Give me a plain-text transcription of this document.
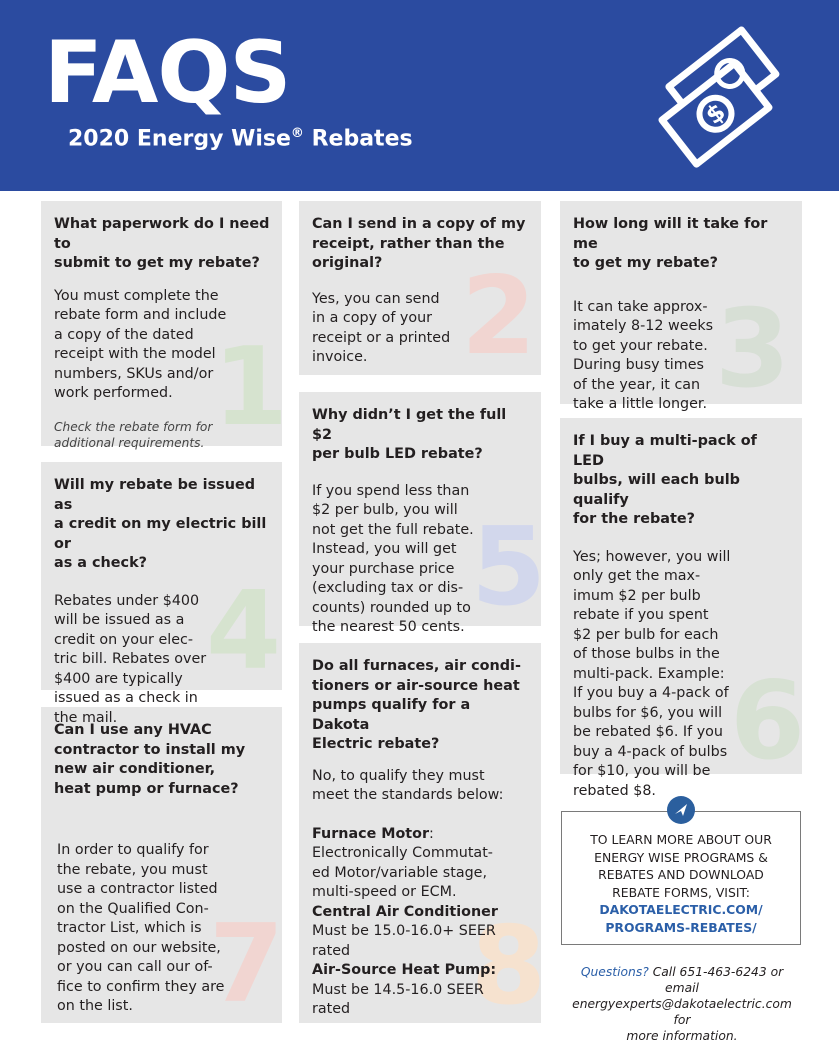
FAQS
2020 Energy Wise® Rebates
$
1
What paperwork do I need to
submit to get my rebate?
You must complete the
rebate form and include
a copy of the dated
receipt with the model
numbers, SKUs and/or
work performed.
Check the rebate form for
additional requirements.
2
Can I send in a copy of my
receipt, rather than the
original?
Yes, you can send
in a copy of your
receipt or a printed
invoice.	3
How long will it take for me
to get my rebate?
It can take approx-
imately 8-12 weeks
to get your rebate.
During busy times
of the year, it can
take a little longer.
4
Will my rebate be issued as
a credit on my electric bill or
as a check?
Rebates under $400
will be issued as a
credit on your elec-
tric bill. Rebates over
$400 are typically
issued as a check in
the mail.
5
Why didn’t I get the full $2
per bulb LED rebate?
If you spend less than
$2 per bulb, you will
not get the full rebate.
Instead, you will get
your purchase price
(excluding tax or dis-
counts) rounded up to
the nearest 50 cents.
6
If I buy a multi-pack of LED
bulbs, will each bulb qualify
for the rebate?
Yes; however, you will
only get the max-
imum $2 per bulb
rebate if you spent
$2 per bulb for each
of those bulbs in the
multi-pack. Example:
If you buy a 4-pack of
bulbs for $6, you will
be rebated $6. If you
buy a 4-pack of bulbs
for $10, you will be
rebated $8.
7
Can I use any HVAC
contractor to install my
new air conditioner,
heat pump or furnace?
In order to qualify for
the rebate, you must
use a contractor listed
on the Qualified Con-
tractor List, which is
posted on our website,
or you can call our of-
fice to confirm they are
on the list.	8
Do all furnaces, air condi-
tioners or air-source heat
pumps qualify for a Dakota
Electric rebate?
No, to qualify they must
meet the standards below:
Furnace Motor:
Electronically Commutat-
ed Motor/variable stage,
multi-speed or ECM.
Central Air Conditioner
Must be 15.0-16.0+ SEER
rated
Air-Source Heat Pump:
Must be 14.5-16.0 SEER
rated
TO LEARN MORE ABOUT OUR
ENERGY WISE PROGRAMS &
REBATES AND DOWNLOAD
REBATE FORMS, VISIT:
DAKOTAELECTRIC.COM/
PROGRAMS-REBATES/
Questions? Call 651-463-6243 or email
energyexperts@dakotaelectric.com for
more information.
